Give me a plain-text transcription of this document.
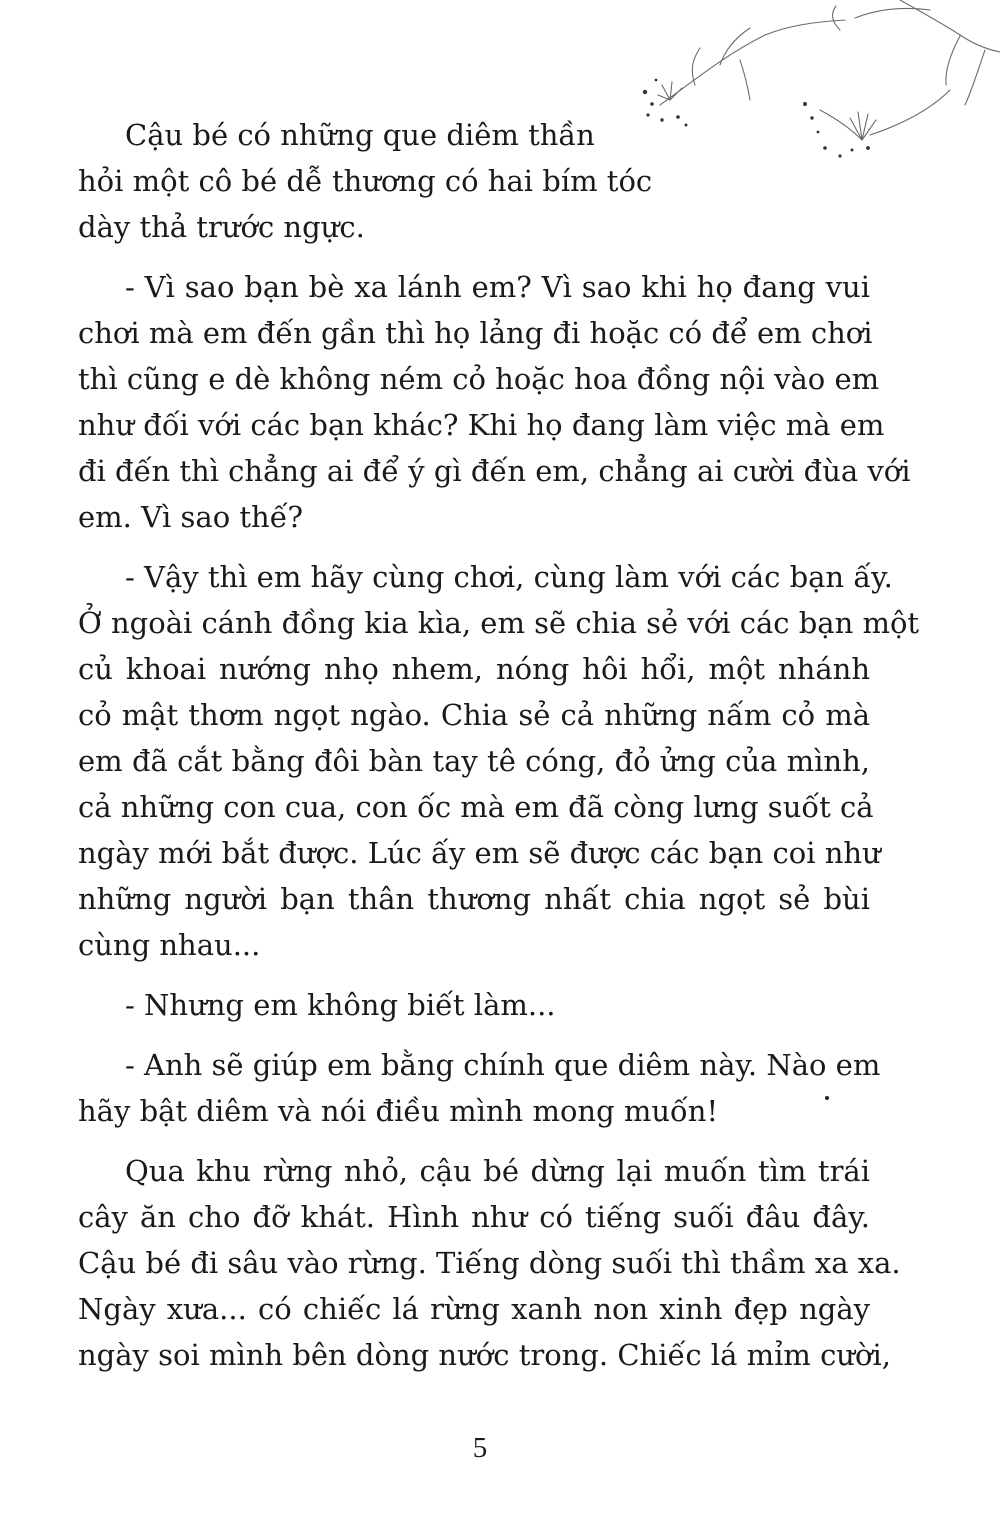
Cậu bé có những que diêm thần
hỏi một cô bé dễ thương có hai bím tóc
dày thả trước ngực.
- Vì sao bạn bè xa lánh em? Vì sao khi họ đang vui
chơi mà em đến gần thì họ lảng đi hoặc có để em chơi
thì cũng e dè không ném cỏ hoặc hoa đồng nội vào em
như đối với các bạn khác? Khi họ đang làm việc mà em
đi đến thì chẳng ai để ý gì đến em, chẳng ai cười đùa với
em. Vì sao thế?
- Vậy thì em hãy cùng chơi, cùng làm với các bạn ấy.
Ở ngoài cánh đồng kia kìa, em sẽ chia sẻ với các bạn một
củ khoai nướng nhọ nhem, nóng hôi hổi, một nhánh
cỏ mật thơm ngọt ngào. Chia sẻ cả những nấm cỏ mà
em đã cắt bằng đôi bàn tay tê cóng, đỏ ửng của mình,
cả những con cua, con ốc mà em đã còng lưng suốt cả
ngày mới bắt được. Lúc ấy em sẽ được các bạn coi như
những người bạn thân thương nhất chia ngọt sẻ bùi
cùng nhau...
- Nhưng em không biết làm...
- Anh sẽ giúp em bằng chính que diêm này. Nào em
hãy bật diêm và nói điều mình mong muốn!
Qua khu rừng nhỏ, cậu bé dừng lại muốn tìm trái
cây ăn cho đỡ khát. Hình như có tiếng suối đâu đây.
Cậu bé đi sâu vào rừng. Tiếng dòng suối thì thầm xa xa.
Ngày xưa... có chiếc lá rừng xanh non xinh đẹp ngày
ngày soi mình bên dòng nước trong. Chiếc lá mỉm cười,
5
